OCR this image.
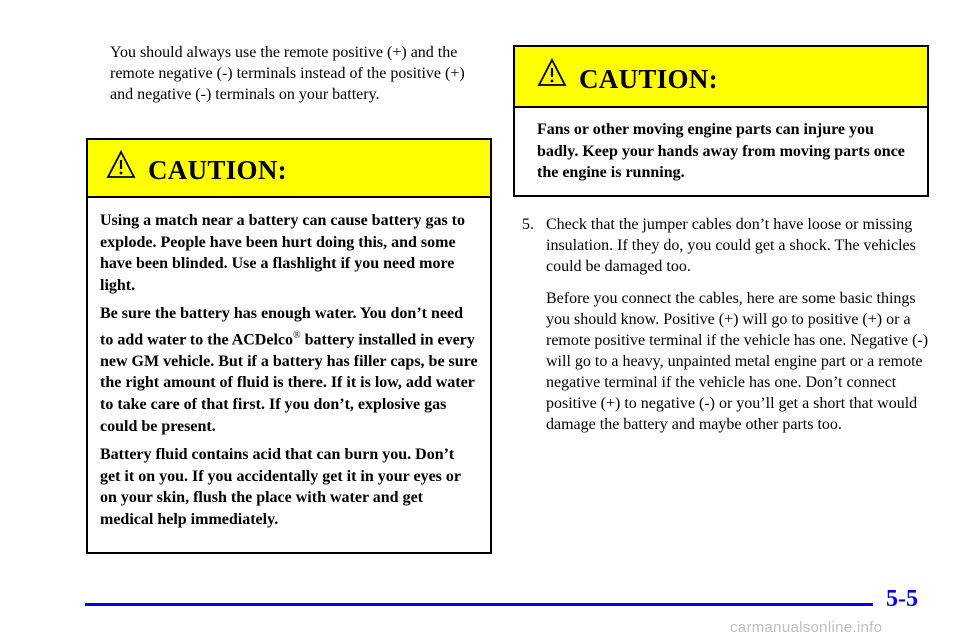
You should always use the remote positive (+) and the remote negative (-) terminals instead of the positive (+) and negative (-) terminals on your battery.

CAUTION:

Using a match near a battery can cause battery gas to explode. People have been hurt doing this, and some have been blinded. Use a flashlight if you need more light.

Be sure the battery has enough water. You don’t need to add water to the ACDelco® battery installed in every new GM vehicle. But if a battery has filler caps, be sure the right amount of fluid is there. If it is low, add water to take care of that first. If you don’t, explosive gas could be present.

Battery fluid contains acid that can burn you. Don’t get it on you. If you accidentally get it in your eyes or on your skin, flush the place with water and get medical help immediately.

CAUTION:

Fans or other moving engine parts can injure you badly. Keep your hands away from moving parts once the engine is running.

5. Check that the jumper cables don’t have loose or missing insulation. If they do, you could get a shock. The vehicles could be damaged too.

Before you connect the cables, here are some basic things you should know. Positive (+) will go to positive (+) or a remote positive terminal if the vehicle has one. Negative (-) will go to a heavy, unpainted metal engine part or a remote negative terminal if the vehicle has one. Don’t connect positive (+) to negative (-) or you’ll get a short that would damage the battery and maybe other parts too.

5-5
carmanualsonline.info
